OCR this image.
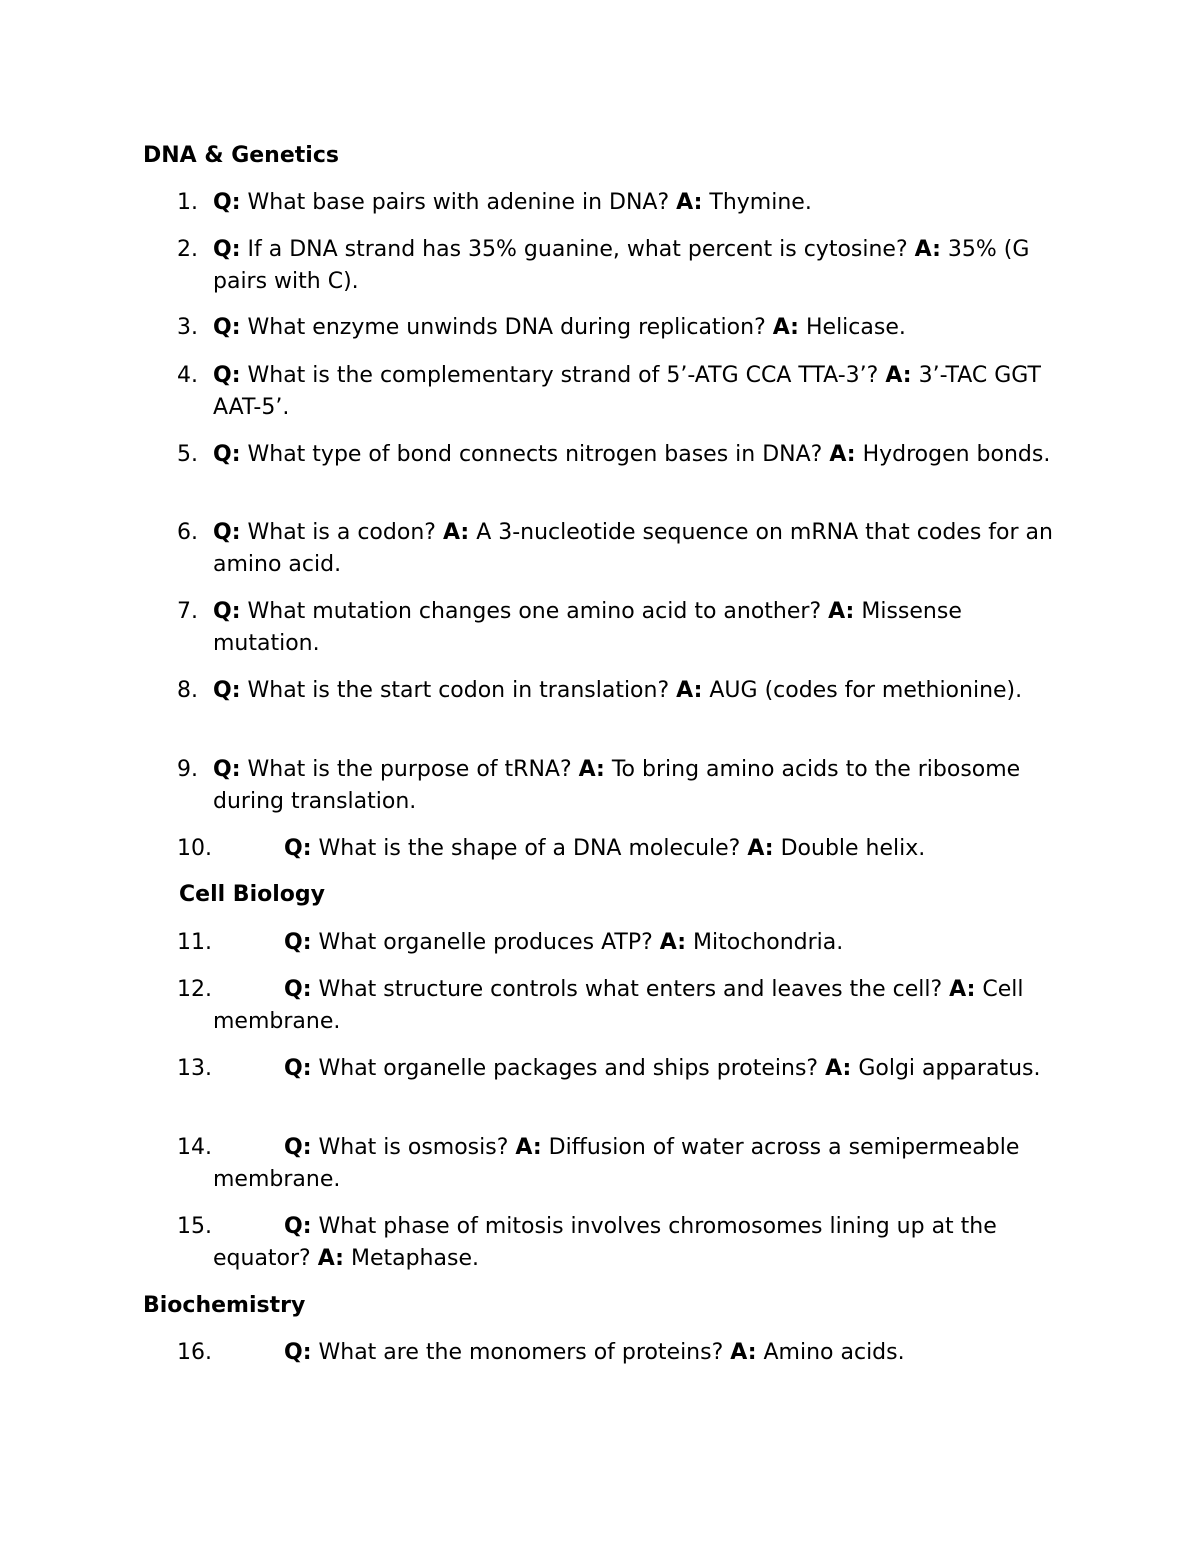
DNA & Genetics
1. Q: What base pairs with adenine in DNA? A: Thymine.
2. Q: If a DNA strand has 35% guanine, what percent is cytosine? A: 35% (G pairs with C).
3. Q: What enzyme unwinds DNA during replication? A: Helicase.
4. Q: What is the complementary strand of 5’-ATG CCA TTA-3’? A: 3’-TAC GGT AAT-5’.
5. Q: What type of bond connects nitrogen bases in DNA? A: Hydrogen bonds.
6. Q: What is a codon? A: A 3-nucleotide sequence on mRNA that codes for an amino acid.
7. Q: What mutation changes one amino acid to another? A: Missense mutation.
8. Q: What is the start codon in translation? A: AUG (codes for methionine).
9. Q: What is the purpose of tRNA? A: To bring amino acids to the ribosome during translation.
10.	Q: What is the shape of a DNA molecule? A: Double helix.
Cell Biology
11.	Q: What organelle produces ATP? A: Mitochondria.
12.	Q: What structure controls what enters and leaves the cell? A: Cell membrane.
13.	Q: What organelle packages and ships proteins? A: Golgi apparatus.
14.	Q: What is osmosis? A: Diffusion of water across a semipermeable membrane.
15.	Q: What phase of mitosis involves chromosomes lining up at the equator? A: Metaphase.
Biochemistry
16.	Q: What are the monomers of proteins? A: Amino acids.
